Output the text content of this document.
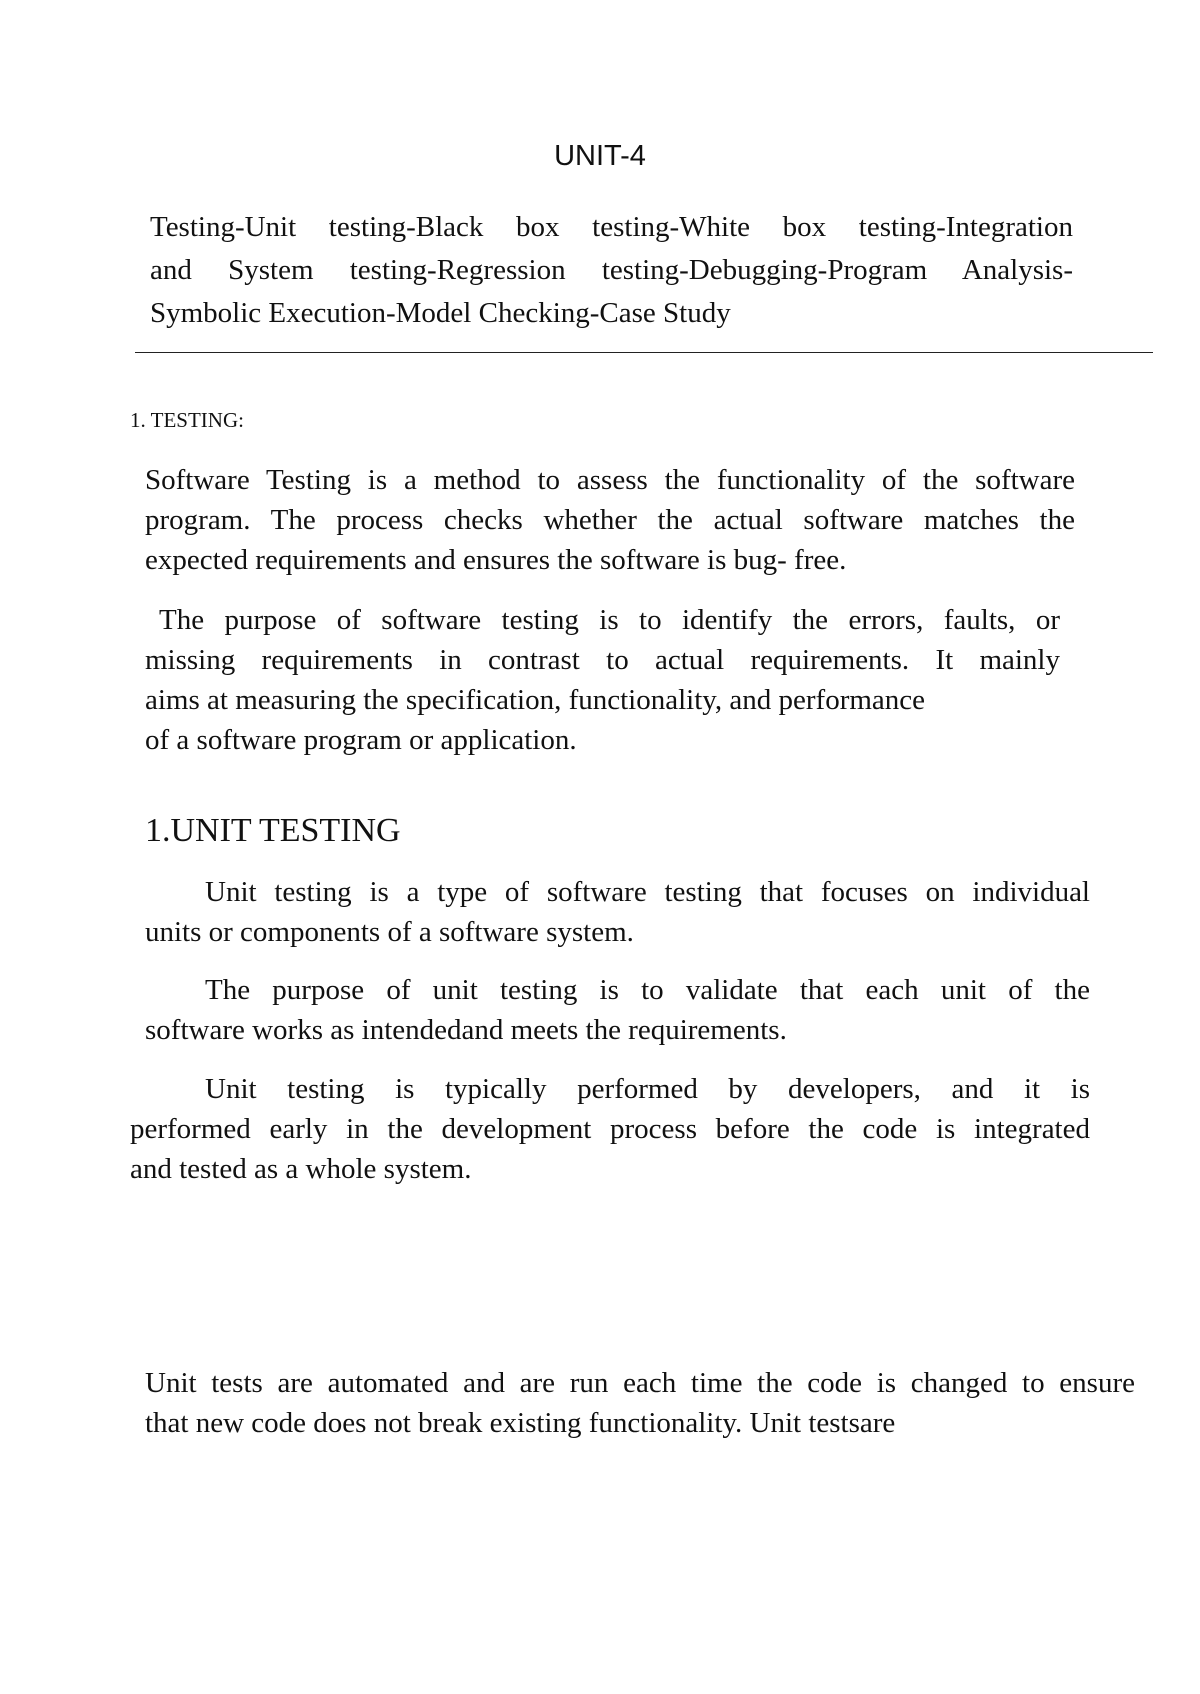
UNIT-4
Testing-Unit testing-Black box testing-White box testing-Integration
and System testing-Regression testing-Debugging-Program Analysis-
Symbolic Execution-Model Checking-Case Study
1. TESTING:
Software Testing is a method to assess the functionality of the software
program. The process checks whether the actual software matches the
expected requirements and ensures the software is bug- free.
The purpose of software testing is to identify the errors, faults, or
missing requirements in contrast to actual requirements. It mainly
aims at measuring the specification, functionality, and performance
of a software program or application.
1.UNIT TESTING
Unit testing is a type of software testing that focuses on individual
units or components of a software system.
The purpose of unit testing is to validate that each unit of the
software works as intendedand meets the requirements.
Unit testing is typically performed by developers, and it is
performed early in the development process before the code is integrated
and tested as a whole system.
Unit tests are automated and are run each time the code is changed to ensure
that new code does not break existing functionality. Unit testsare
